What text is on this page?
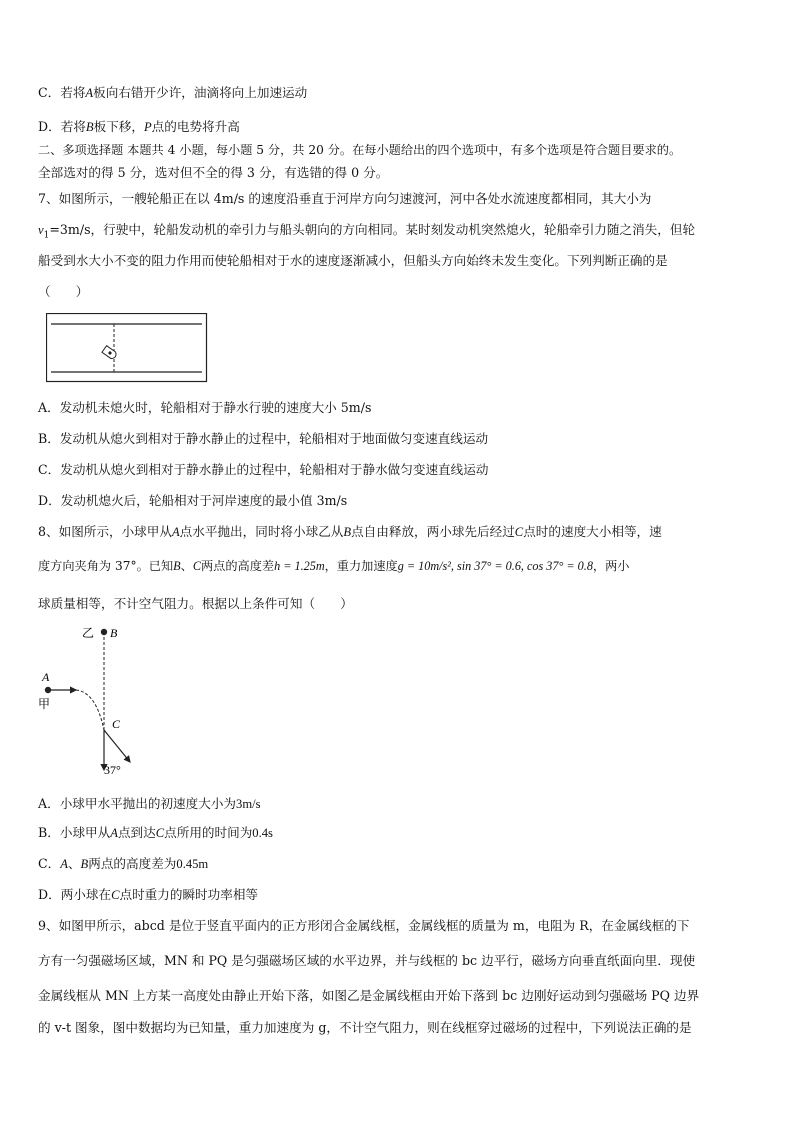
C．若将A板向右错开少许，油滴将向上加速运动
D．若将B板下移，P点的电势将升高
二、多项选择题 本题共 4 小题，每小题 5 分，共 20 分。在每小题给出的四个选项中，有多个选项是符合题目要求的。
全部选对的得 5 分，选对但不全的得 3 分，有选错的得 0 分。
7、如图所示，一艘轮船正在以 4m/s 的速度沿垂直于河岸方向匀速渡河，河中各处水流速度都相同，其大小为
$v_1=3m/s$，行驶中，轮船发动机的牵引力与船头朝向的方向相同。某时刻发动机突然熄火，轮船牵引力随之消失，但轮
船受到水大小不变的阻力作用而使轮船相对于水的速度逐渐减小，但船头方向始终未发生变化。下列判断正确的是
（　　）
A．发动机未熄火时，轮船相对于静水行驶的速度大小 5m/s
B．发动机从熄火到相对于静水静止的过程中，轮船相对于地面做匀变速直线运动
C．发动机从熄火到相对于静水静止的过程中，轮船相对于静水做匀变速直线运动
D．发动机熄火后，轮船相对于河岸速度的最小值 3m/s
8、如图所示，小球甲从A点水平抛出，同时将小球乙从B点自由释放，两小球先后经过C点时的速度大小相等，速
度方向夹角为 37°。已知B、C两点的高度差h = 1.25m，重力加速度g = 10m/s², sin 37° = 0.6, cos 37° = 0.8，两小
球质量相等，不计空气阻力。根据以上条件可知（　　）
乙 B
A
甲
C
37°
A．小球甲水平抛出的初速度大小为3m/s
B．小球甲从A点到达C点所用的时间为0.4s
C．A、B两点的高度差为0.45m
D．两小球在C点时重力的瞬时功率相等
9、如图甲所示，abcd 是位于竖直平面内的正方形闭合金属线框，金属线框的质量为 m，电阻为 R，在金属线框的下
方有一匀强磁场区域，MN 和 PQ 是匀强磁场区域的水平边界，并与线框的 bc 边平行，磁场方向垂直纸面向里．现使
金属线框从 MN 上方某一高度处由静止开始下落，如图乙是金属线框由开始下落到 bc 边刚好运动到匀强磁场 PQ 边界
的 v-t 图象，图中数据均为已知量，重力加速度为 g，不计空气阻力，则在线框穿过磁场的过程中，下列说法正确的是
